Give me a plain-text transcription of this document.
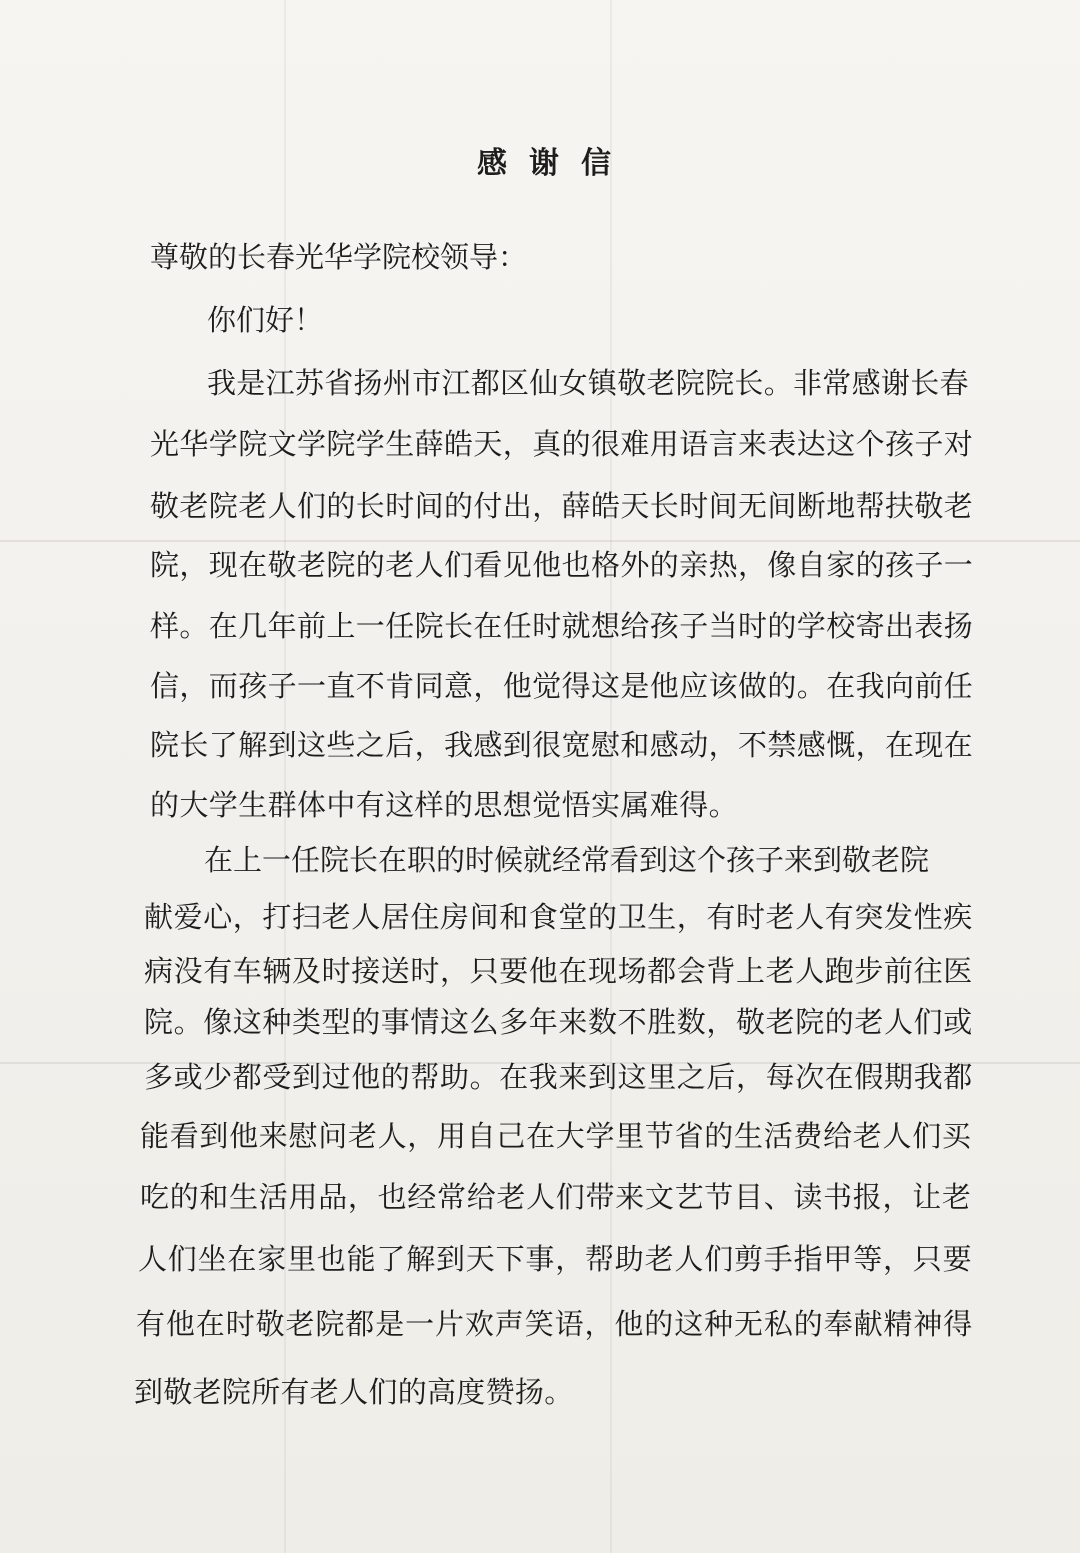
感谢信
尊敬的长春光华学院校领导：
你们好！
我是江苏省扬州市江都区仙女镇敬老院院长。非常感谢长春
光华学院文学院学生薛皓天，真的很难用语言来表达这个孩子对
敬老院老人们的长时间的付出，薛皓天长时间无间断地帮扶敬老
院，现在敬老院的老人们看见他也格外的亲热，像自家的孩子一
样。在几年前上一任院长在任时就想给孩子当时的学校寄出表扬
信，而孩子一直不肯同意，他觉得这是他应该做的。在我向前任
院长了解到这些之后，我感到很宽慰和感动，不禁感慨，在现在
的大学生群体中有这样的思想觉悟实属难得。
在上一任院长在职的时候就经常看到这个孩子来到敬老院
献爱心，打扫老人居住房间和食堂的卫生，有时老人有突发性疾
病没有车辆及时接送时，只要他在现场都会背上老人跑步前往医
院。像这种类型的事情这么多年来数不胜数，敬老院的老人们或
多或少都受到过他的帮助。在我来到这里之后，每次在假期我都
能看到他来慰问老人，用自己在大学里节省的生活费给老人们买
吃的和生活用品，也经常给老人们带来文艺节目、读书报，让老
人们坐在家里也能了解到天下事，帮助老人们剪手指甲等，只要
有他在时敬老院都是一片欢声笑语，他的这种无私的奉献精神得
到敬老院所有老人们的高度赞扬。
